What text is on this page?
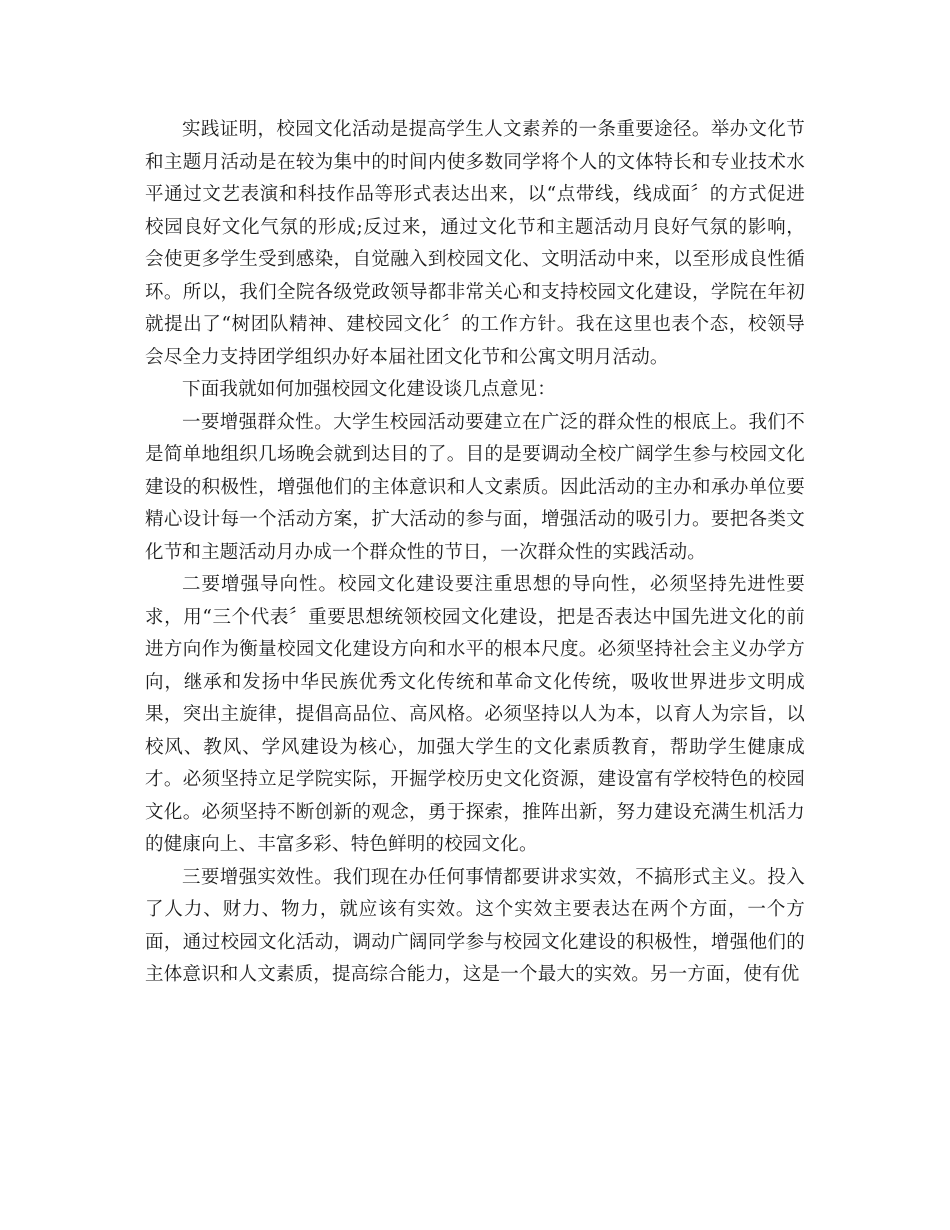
实践证明，校园文化活动是提高学生人文素养的一条重要途径。举办文化节和主题月活动是在较为集中的时间内使多数同学将个人的文体特长和专业技术水平通过文艺表演和科技作品等形式表达出来，以“点带线，线成面〞的方式促进校园良好文化气氛的形成;反过来，通过文化节和主题活动月良好气氛的影响，会使更多学生受到感染，自觉融入到校园文化、文明活动中来，以至形成良性循环。所以，我们全院各级党政领导都非常关心和支持校园文化建设，学院在年初就提出了“树团队精神、建校园文化〞的工作方针。我在这里也表个态，校领导会尽全力支持团学组织办好本届社团文化节和公寓文明月活动。

下面我就如何加强校园文化建设谈几点意见：

一要增强群众性。大学生校园活动要建立在广泛的群众性的根底上。我们不是简单地组织几场晚会就到达目的了。目的是要调动全校广阔学生参与校园文化建设的积极性，增强他们的主体意识和人文素质。因此活动的主办和承办单位要精心设计每一个活动方案，扩大活动的参与面，增强活动的吸引力。要把各类文化节和主题活动月办成一个群众性的节日，一次群众性的实践活动。

二要增强导向性。校园文化建设要注重思想的导向性，必须坚持先进性要求，用“三个代表〞重要思想统领校园文化建设，把是否表达中国先进文化的前进方向作为衡量校园文化建设方向和水平的根本尺度。必须坚持社会主义办学方向，继承和发扬中华民族优秀文化传统和革命文化传统，吸收世界进步文明成果，突出主旋律，提倡高品位、高风格。必须坚持以人为本，以育人为宗旨，以校风、教风、学风建设为核心，加强大学生的文化素质教育，帮助学生健康成才。必须坚持立足学院实际，开掘学校历史文化资源，建设富有学校特色的校园文化。必须坚持不断创新的观念，勇于探索，推阵出新，努力建设充满生机活力的健康向上、丰富多彩、特色鲜明的校园文化。

三要增强实效性。我们现在办任何事情都要讲求实效，不搞形式主义。投入了人力、财力、物力，就应该有实效。这个实效主要表达在两个方面，一个方面，通过校园文化活动，调动广阔同学参与校园文化建设的积极性，增强他们的主体意识和人文素质，提高综合能力，这是一个最大的实效。另一方面，使有优
